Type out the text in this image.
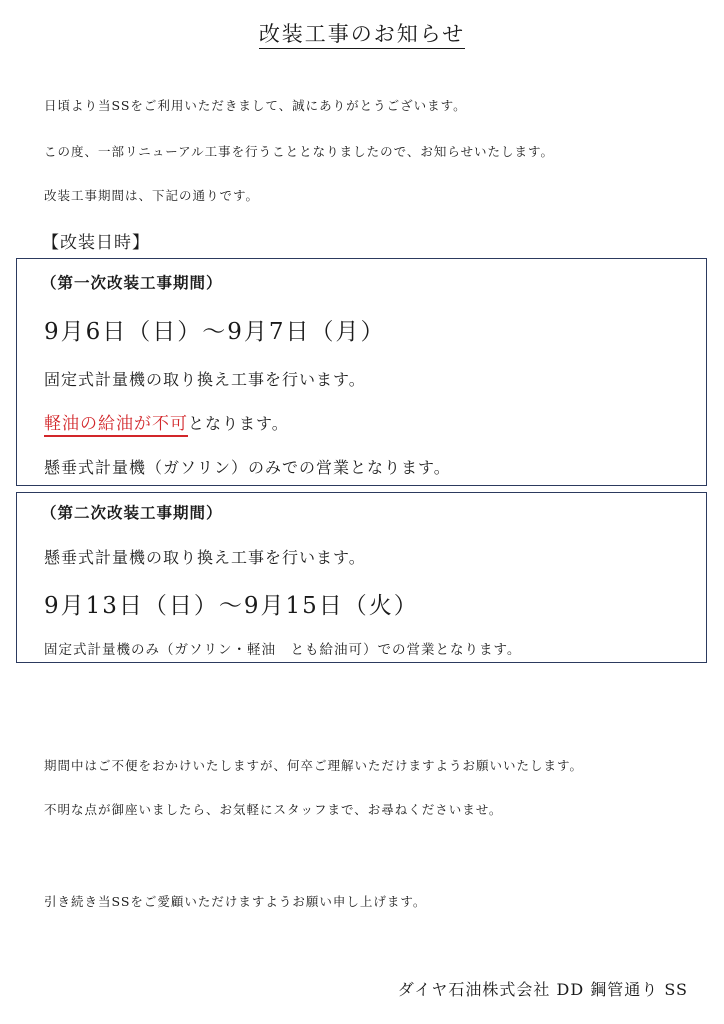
改装工事のお知らせ
日頃より当SSをご利用いただきまして、誠にありがとうございます。
この度、一部リニューアル工事を行うこととなりましたので、お知らせいたします。
改装工事期間は、下記の通りです。
【改装日時】
（第一次改装工事期間）
9月6日（日）～9月7日（月）
固定式計量機の取り換え工事を行います。
軽油の給油が不可となります。
懸垂式計量機（ガソリン）のみでの営業となります。
（第二次改装工事期間）
懸垂式計量機の取り換え工事を行います。
9月13日（日）～9月15日（火）
固定式計量機のみ（ガソリン・軽油　とも給油可）での営業となります。
期間中はご不便をおかけいたしますが、何卒ご理解いただけますようお願いいたします。
不明な点が御座いましたら、お気軽にスタッフまで、お尋ねくださいませ。
引き続き当SSをご愛顧いただけますようお願い申し上げます。
ダイヤ石油株式会社 DD 鋼管通り SS
